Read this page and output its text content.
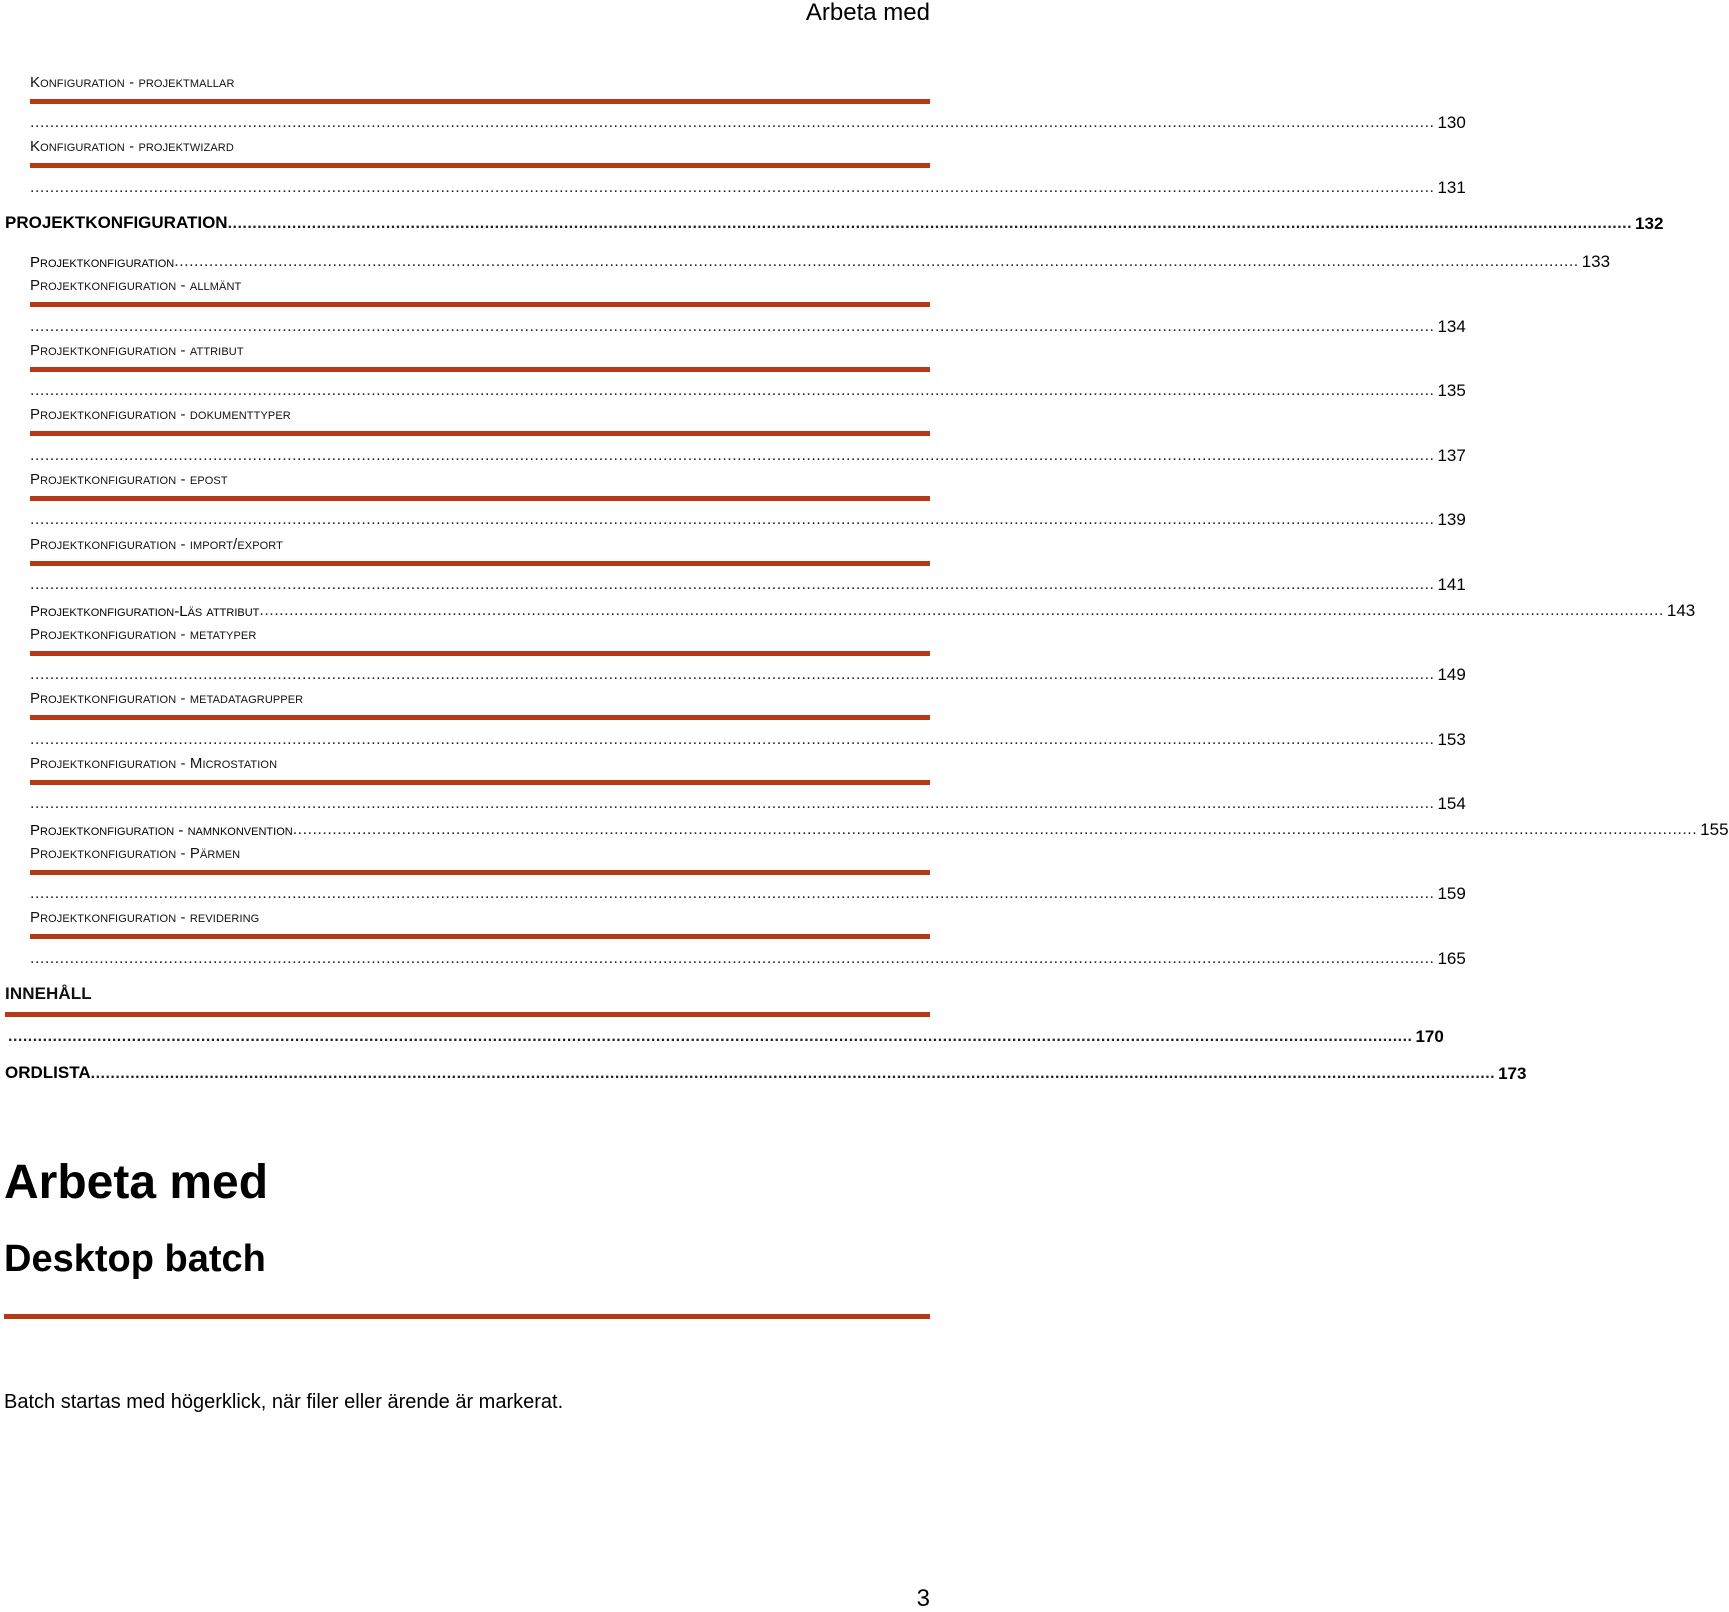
Arbeta med
Konfiguration - projektmallar
............................................................................................................................................................................................................................................................................................ 130
Konfiguration - projektwizard
............................................................................................................................................................................................................................................................................................ 131
PROJEKTKONFIGURATION ............................................................................................................................................................................................................................................................................................ 132
Projektkonfiguration ............................................................................................................................................................................................................................................................................................ 133
Projektkonfiguration - allmänt
............................................................................................................................................................................................................................................................................................ 134
Projektkonfiguration - attribut
............................................................................................................................................................................................................................................................................................ 135
Projektkonfiguration - dokumenttyper
............................................................................................................................................................................................................................................................................................ 137
Projektkonfiguration - epost
............................................................................................................................................................................................................................................................................................ 139
Projektkonfiguration - import/export
............................................................................................................................................................................................................................................................................................ 141
Projektkonfiguration-Läs attribut ............................................................................................................................................................................................................................................................................................ 143
Projektkonfiguration - metatyper
............................................................................................................................................................................................................................................................................................ 149
Projektkonfiguration - metadatagrupper
............................................................................................................................................................................................................................................................................................ 153
Projektkonfiguration - Microstation
............................................................................................................................................................................................................................................................................................ 154
Projektkonfiguration - namnkonvention ............................................................................................................................................................................................................................................................................................ 155
Projektkonfiguration - Pärmen
............................................................................................................................................................................................................................................................................................ 159
Projektkonfiguration - revidering
............................................................................................................................................................................................................................................................................................ 165
INNEHÅLL
............................................................................................................................................................................................................................................................................................ 170
ORDLISTA ............................................................................................................................................................................................................................................................................................ 173
Arbeta med
Desktop batch
Batch startas med högerklick, när filer eller ärende är markerat.
3
